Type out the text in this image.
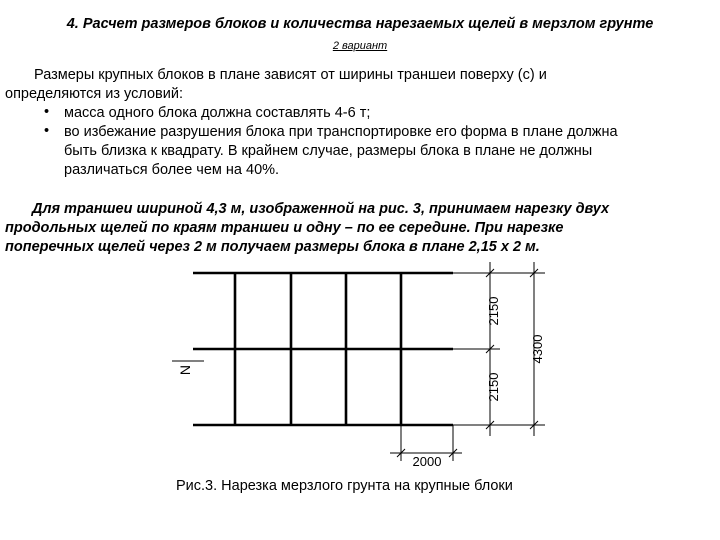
4. Расчет размеров блоков и количества нарезаемых щелей в мерзлом грунте
2 вариант
Размеры крупных блоков в плане зависят от ширины траншеи поверху (с) и
определяются из условий:
• масса одного блока должна составлять 4-6 т;
• во избежание разрушения блока при транспортировке его форма в плане должна
быть близка к квадрату. В крайнем случае, размеры блока в плане не должны
различаться более чем на 40%.
Для траншеи шириной 4,3 м, изображенной на рис. 3, принимаем нарезку двух
продольных щелей по краям траншеи и одну – по ее середине. При нарезке
поперечных щелей через 2 м получаем размеры блока в плане 2,15 х 2 м.
2150
2150
4300
2000
N
Рис.3. Нарезка мерзлого грунта на крупные блоки
